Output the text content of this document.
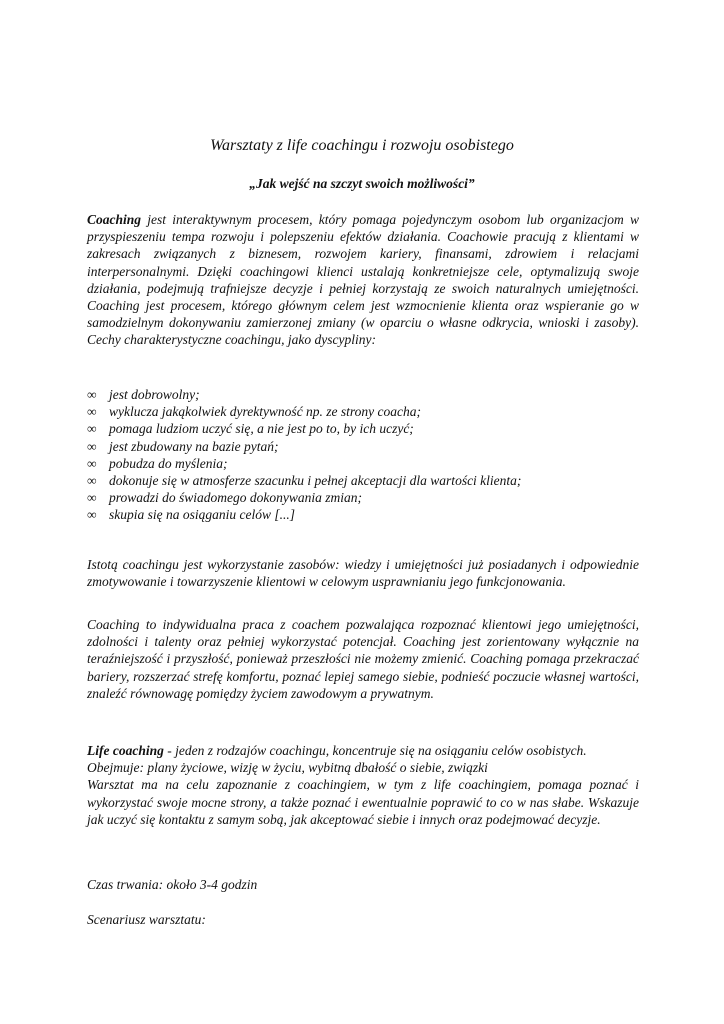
Warsztaty z life coachingu i rozwoju osobistego
„Jak wejść na szczyt swoich możliwości”
Coaching jest interaktywnym procesem, który pomaga pojedynczym osobom lub organizacjom w przyspieszeniu tempa rozwoju i polepszeniu efektów działania. Coachowie pracują z klientami w zakresach związanych z biznesem, rozwojem kariery, finansami, zdrowiem i relacjami interpersonalnymi. Dzięki coachingowi klienci ustalają konkretniejsze cele, optymalizują swoje działania, podejmują trafniejsze decyzje i pełniej korzystają ze swoich naturalnych umiejętności. Coaching jest procesem, którego głównym celem jest wzmocnienie klienta oraz wspieranie go w samodzielnym dokonywaniu zamierzonej zmiany (w oparciu o własne odkrycia, wnioski i zasoby). Cechy charakterystyczne coachingu, jako dyscypliny:
∞ jest dobrowolny;
∞ wyklucza jakąkolwiek dyrektywność np. ze strony coacha;
∞ pomaga ludziom uczyć się, a nie jest po to, by ich uczyć;
∞ jest zbudowany na bazie pytań;
∞ pobudza do myślenia;
∞ dokonuje się w atmosferze szacunku i pełnej akceptacji dla wartości klienta;
∞ prowadzi do świadomego dokonywania zmian;
∞ skupia się na osiąganiu celów [...]
Istotą coachingu jest wykorzystanie zasobów: wiedzy i umiejętności już posiadanych i odpowiednie zmotywowanie i towarzyszenie klientowi w celowym usprawnianiu jego funkcjonowania.
Coaching to indywidualna praca z coachem pozwalająca rozpoznać klientowi jego umiejętności, zdolności i talenty oraz pełniej wykorzystać potencjał. Coaching jest zorientowany wyłącznie na teraźniejszość i przyszłość, ponieważ przeszłości nie możemy zmienić. Coaching pomaga przekraczać bariery, rozszerzać strefę komfortu, poznać lepiej samego siebie, podnieść poczucie własnej wartości, znaleźć równowagę pomiędzy życiem zawodowym a prywatnym.
Life coaching - jeden z rodzajów coachingu, koncentruje się na osiąganiu celów osobistych.
Obejmuje: plany życiowe, wizję w życiu, wybitną dbałość o siebie, związki
Warsztat ma na celu zapoznanie z coachingiem, w tym z life coachingiem, pomaga poznać i wykorzystać swoje mocne strony, a także poznać i ewentualnie poprawić to co w nas słabe. Wskazuje jak uczyć się kontaktu z samym sobą, jak akceptować siebie i innych oraz podejmować decyzje.
Czas trwania: około 3-4 godzin
Scenariusz warsztatu:
